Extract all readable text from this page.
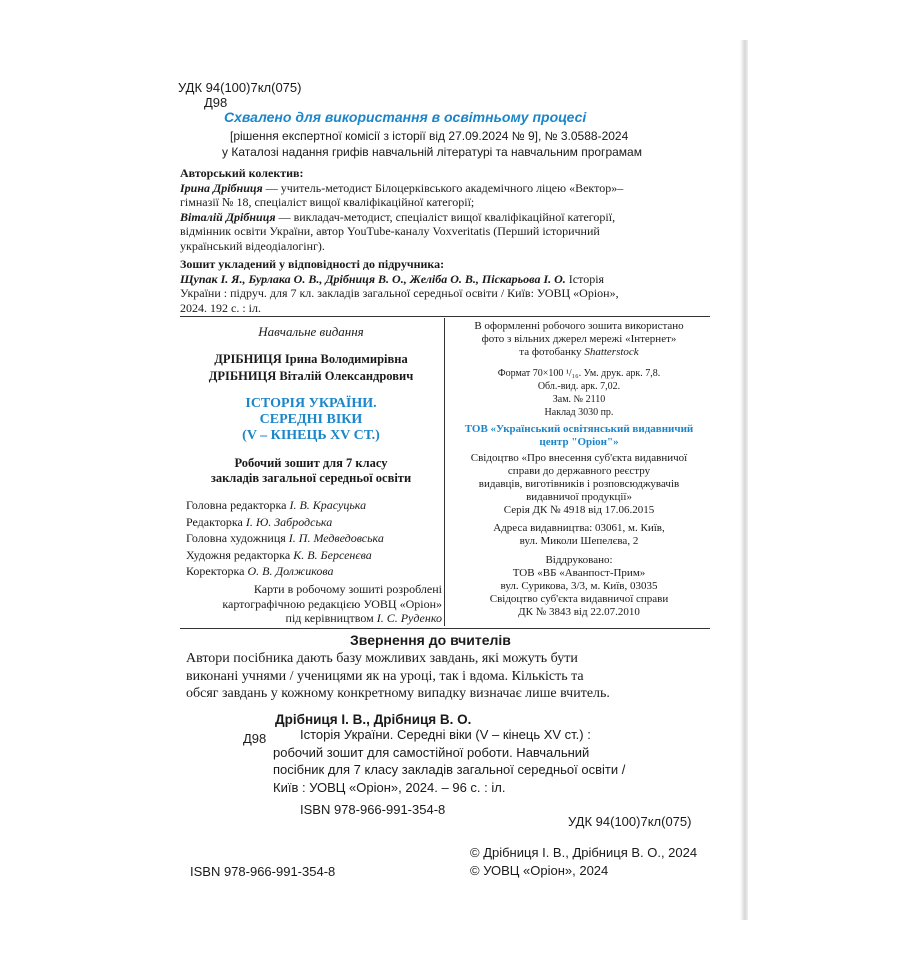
УДК 94(100)7кл(075)
Д98
Схвалено для використання в освітньому процесі
[рішення експертної комісії з історії від 27.09.2024 № 9], № 3.0588-2024
у Каталозі надання грифів навчальній літературі та навчальним програмам
Авторський колектив:
Ірина Дрібниця — учитель-методист Білоцерківського академічного ліцею «Вектор»–
гімназії № 18, спеціаліст вищої кваліфікаційної категорії;
Віталій Дрібниця — викладач-методист, спеціаліст вищої кваліфікаційної категорії,
відмінник освіти України, автор YouTube-каналу Voxveritatis (Перший історичний
український відеодіалогінг).
Зошит укладений у відповідності до підручника:
Щупак І. Я., Бурлака О. В., Дрібниця В. О., Желіба О. В., Піскарьова І. О. Історія
України : підруч. для 7 кл. закладів загальної середньої освіти / Київ: УОВЦ «Оріон»,
2024. 192 с. : іл.
Навчальне видання
ДРІБНИЦЯ Ірина Володимирівна
ДРІБНИЦЯ Віталій Олександрович
ІСТОРІЯ УКРАЇНИ.
СЕРЕДНІ ВІКИ
(V – КІНЕЦЬ XV СТ.)
Робочий зошит для 7 класу
закладів загальної середньої освіти
Головна редакторка І. В. Красуцька
Редакторка І. Ю. Забродська
Головна художниця І. П. Медведовська
Художня редакторка К. В. Берсенєва
Коректорка О. В. Должикова
Карти в робочому зошиті розроблені
картографічною редакцією УОВЦ «Оріон»
під керівництвом І. С. Руденко
В оформленні робочого зошита використано
фото з вільних джерел мережі «Інтернет»
та фотобанку Shatterstock
Формат 70×100 ¹/₁₆. Ум. друк. арк. 7,8.
Обл.-вид. арк. 7,02.
Зам. № 2110
Наклад 3030 пр.
ТОВ «Український освітянський видавничий
центр "Оріон"»
Свідоцтво «Про внесення суб'єкта видавничої
справи до державного реєстру
видавців, виготівників і розповсюджувачів
видавничої продукції»
Серія ДК № 4918 від 17.06.2015
Адреса видавництва: 03061, м. Київ,
вул. Миколи Шепелєва, 2
Віддруковано:
ТОВ «ВБ «Аванпост-Прим»
вул. Сурикова, 3/3, м. Київ, 03035
Свідоцтво суб'єкта видавничої справи
ДК № 3843 від 22.07.2010
Звернення до вчителів
Автори посібника дають базу можливих завдань, які можуть бути
виконані учнями / ученицями як на уроці, так і вдома. Кількість та
обсяг завдань у кожному конкретному випадку визначає лише вчитель.
Дрібниця І. В., Дрібниця В. О.
Д98	Історія України. Середні віки (V – кінець XV ст.) :
робочий зошит для самостійної роботи. Навчальний
посібник для 7 класу закладів загальної середньої освіти /
Київ : УОВЦ «Оріон», 2024. – 96 с. : іл.
ISBN 978-966-991-354-8
УДК 94(100)7кл(075)
© Дрібниця І. В., Дрібниця В. О., 2024
ISBN 978-966-991-354-8	© УОВЦ «Оріон», 2024
